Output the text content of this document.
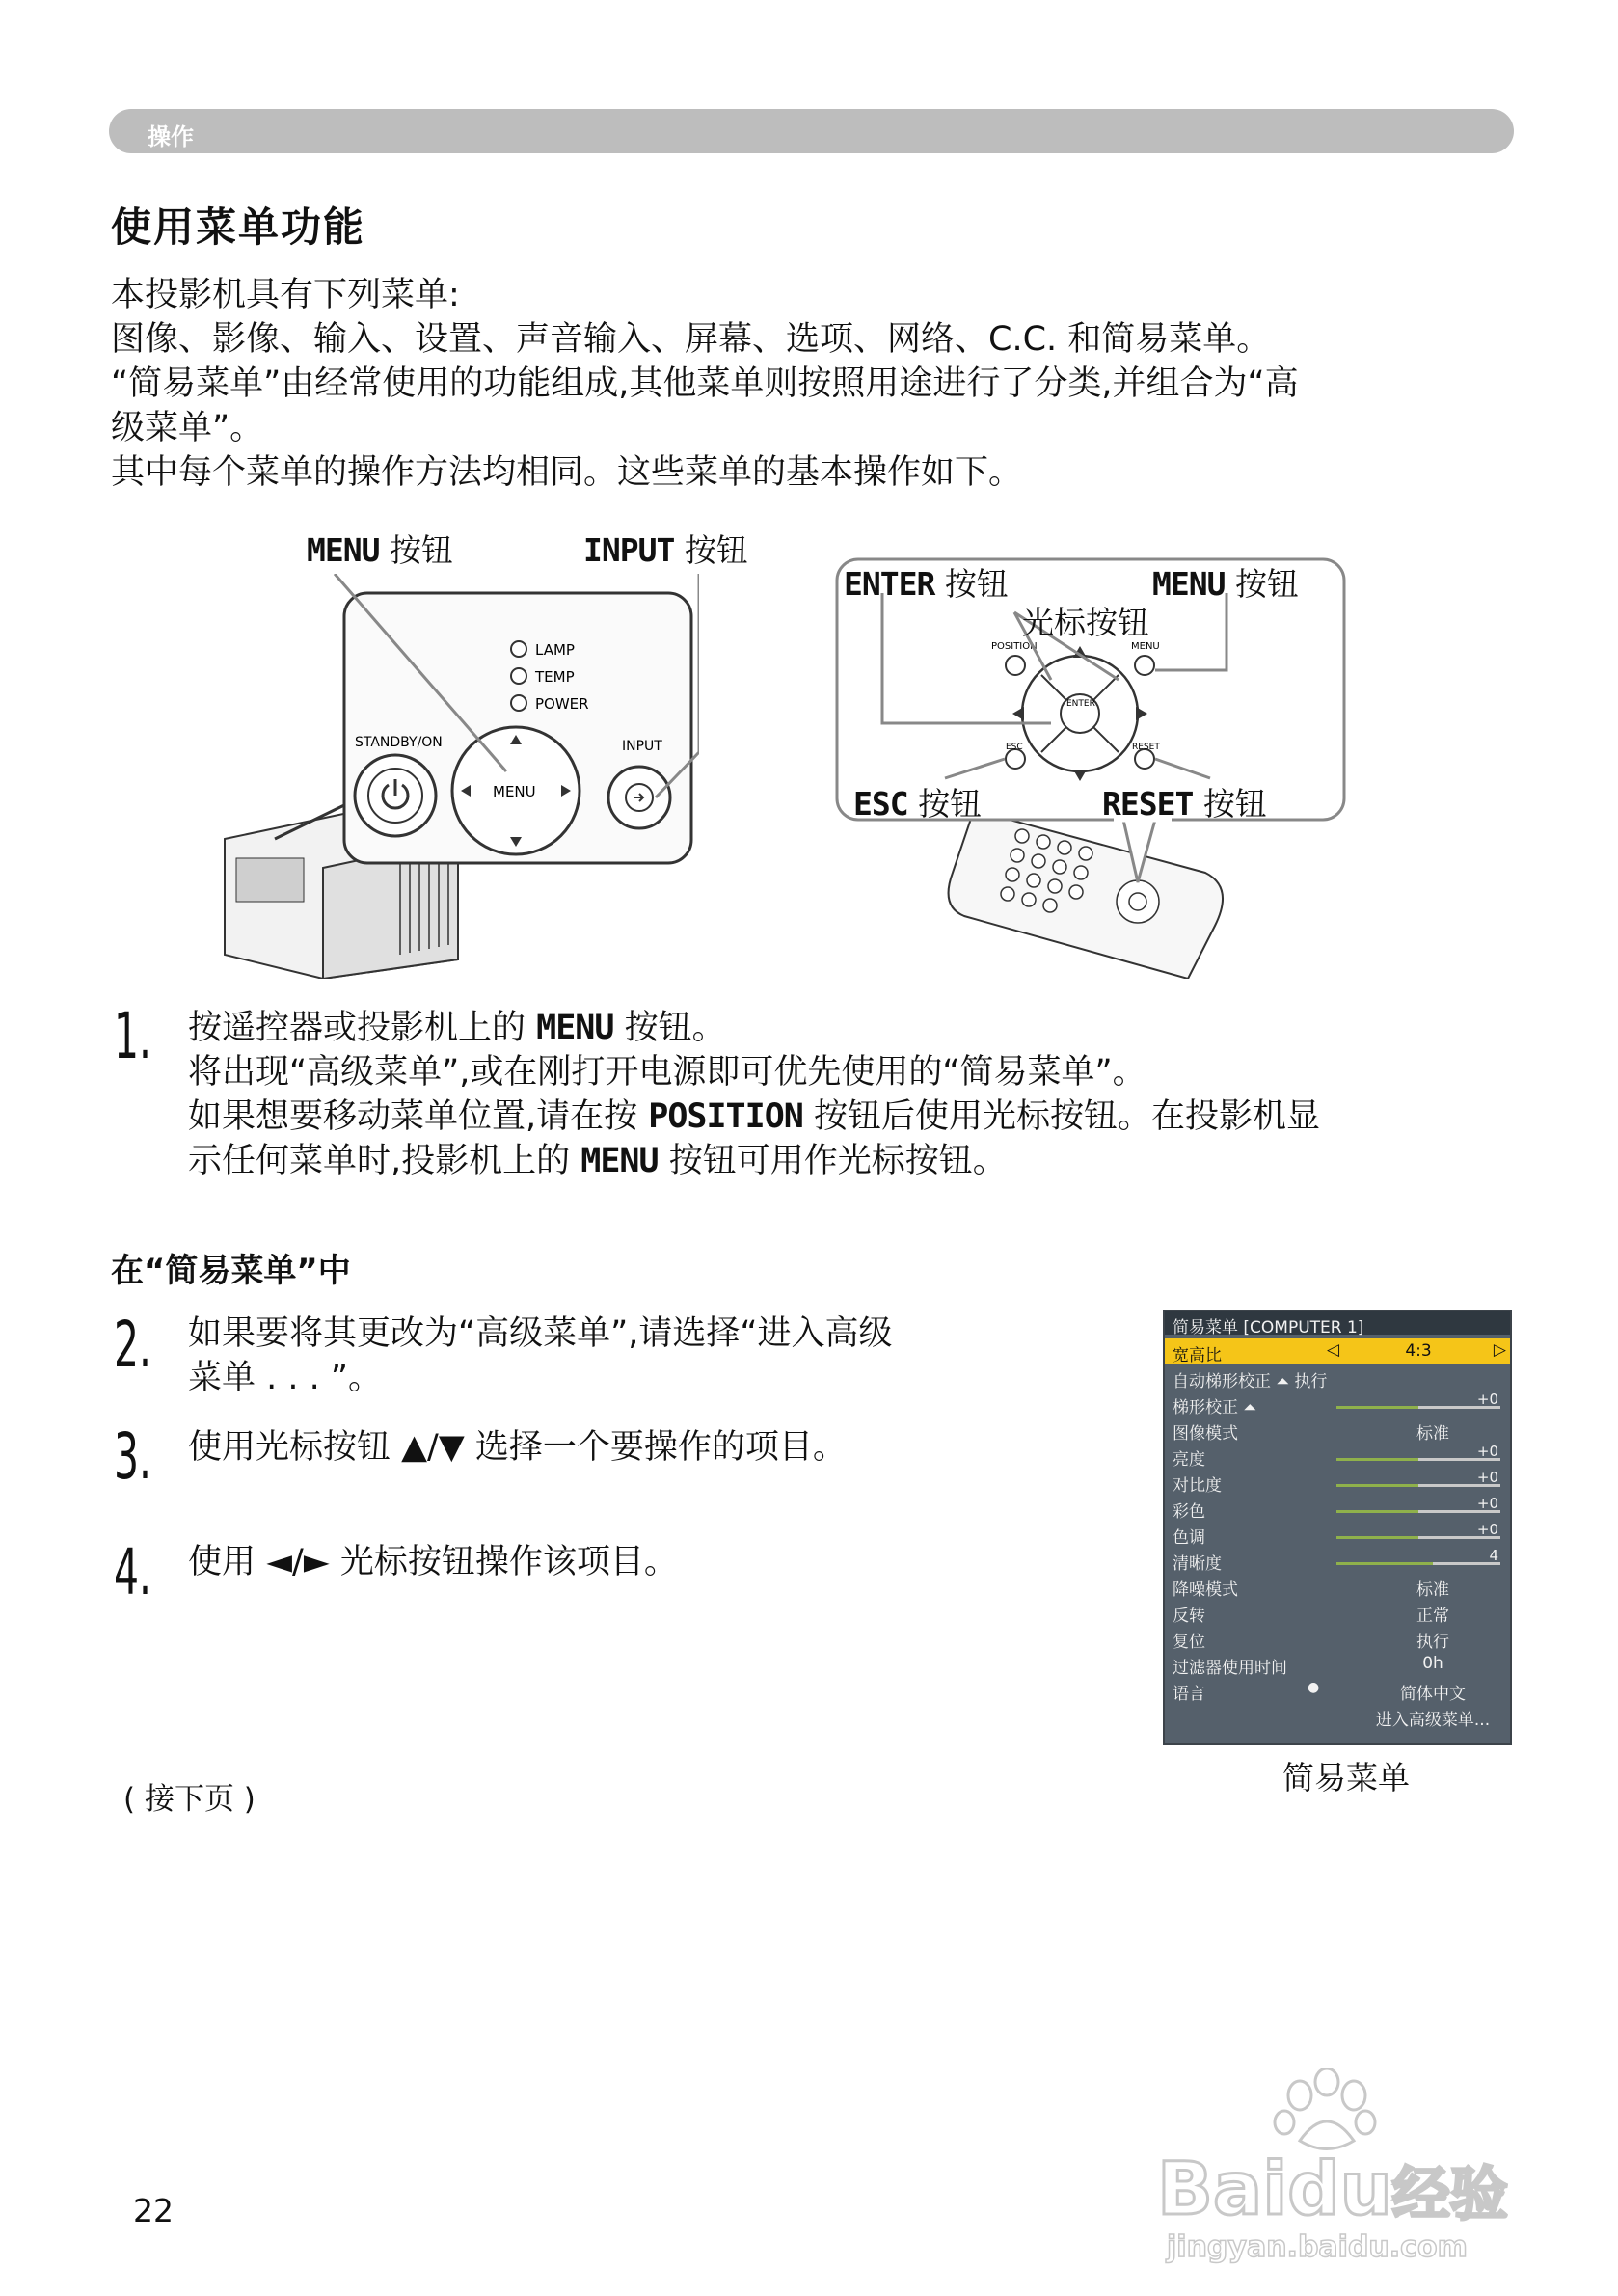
操作
使用菜单功能
本投影机具有下列菜单:
图像、影像、输入、设置、声音输入、屏幕、选项、网络、C.C. 和简易菜单。
“简易菜单”由经常使用的功能组成,其他菜单则按照用途进行了分类,并组合为“高
级菜单”。
其中每个菜单的操作方法均相同。这些菜单的基本操作如下。
MENU 按钮	INPUT 按钮
LAMP
TEMP
POWER
STANDBY/ON
MENU
INPUT
POSITION	MENU
ENTER
ESC	RESET
ENTER 按钮	MENU 按钮
光标按钮
ESC 按钮	RESET 按钮
1. 按遥控器或投影机上的 MENU 按钮。
将出现“高级菜单”,或在刚打开电源即可优先使用的“简易菜单”。
如果想要移动菜单位置,请在按 POSITION 按钮后使用光标按钮。在投影机显
示任何菜单时,投影机上的 MENU 按钮可用作光标按钮。
在“简易菜单”中
2. 如果要将其更改为“高级菜单”,请选择“进入高级
菜单 . . . ”。
3. 使用光标按钮 ▲/▼ 选择一个要操作的项目。
4. 使用 ◄/► 光标按钮操作该项目。
简易菜单 [COMPUTER 1]
宽高比	◁	4:3	▷
自动梯形校正 ⏶ 执行
梯形校正 ⏶	+0
图像模式	标准
亮度	+0
对比度	+0
彩色	+0
色调	+0
清晰度	4
降噪模式	标准
反转	正常
复位	执行
过滤器使用时间	0h
语言	●	简体中文
进入高级菜单...
简易菜单
( 接下页 )
22	Baidu经验
jingyan.baidu.com
